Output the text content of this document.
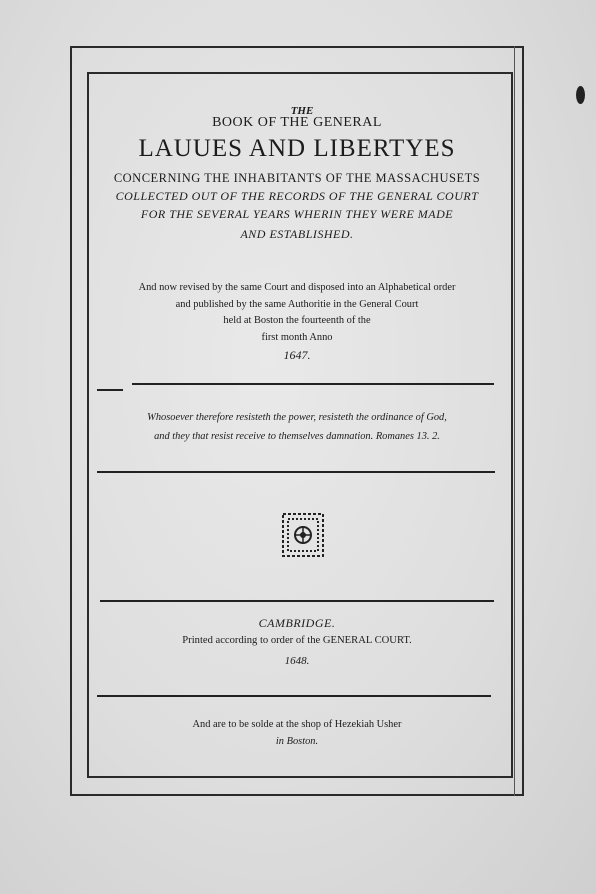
THE
BOOK OF THE GENERAL
LAUUES AND LIBERTYES
CONCERNING THE INHABITANTS OF THE MASSACHUSETS
COLLECTED OUT OF THE RECORDS OF THE GENERAL COURT
FOR THE SEVERAL YEARS WHERIN THEY WERE MADE
AND ESTABLISHED.
And now revised by the same Court and disposed into an Alphabetical order
and published by the same Authoritie in the General Court
held at Boston the fourteenth of the
first month Anno
1647.
Whosoever therefore resisteth the power, resisteth the ordinance of God,
and they that resist receive to themselves damnation. Romanes 13. 2.
CAMBRIDGE.
Printed according to order of the GENERAL COURT.
1648.
And are to be solde at the shop of Hezekiah Usher
in Boston.
